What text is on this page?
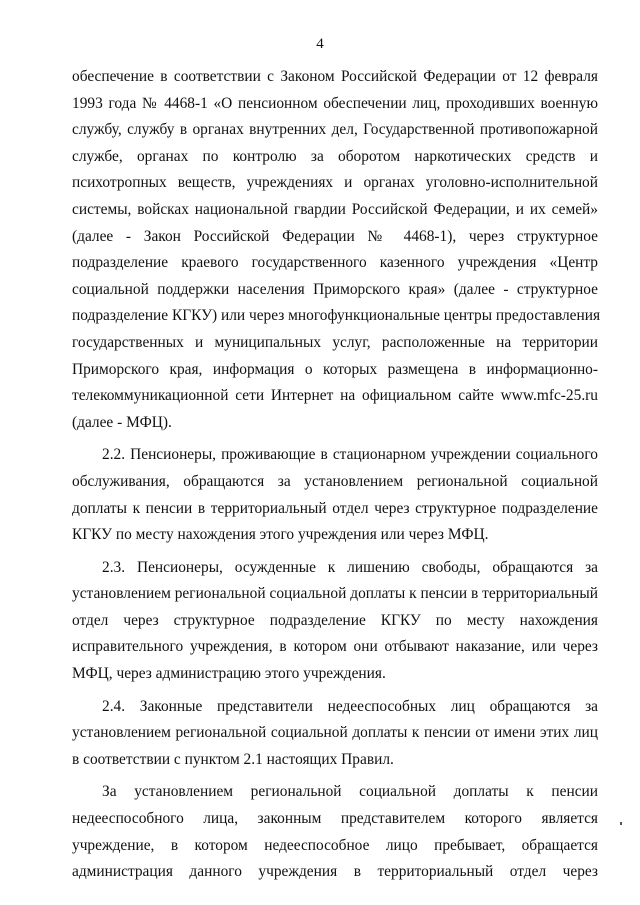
4
обеспечение в соответствии с Законом Российской Федерации от 12 февраля
1993 года № 4468-1 «О пенсионном обеспечении лиц, проходивших военную
службу, службу в органах внутренних дел, Государственной противопожарной
службе, органах по контролю за оборотом наркотических средств и
психотропных веществ, учреждениях и органах уголовно-исполнительной
системы, войсках национальной гвардии Российской Федерации, и их семей»
(далее - Закон Российской Федерации № 4468-1), через структурное
подразделение краевого государственного казенного учреждения «Центр
социальной поддержки населения Приморского края» (далее - структурное
подразделение КГКУ) или через многофункциональные центры предоставления
государственных и муниципальных услуг, расположенные на территории
Приморского края, информация о которых размещена в информационно-
телекоммуникационной сети Интернет на официальном сайте www.mfc-25.ru
(далее - МФЦ).
2.2. Пенсионеры, проживающие в стационарном учреждении социального
обслуживания, обращаются за установлением региональной социальной
доплаты к пенсии в территориальный отдел через структурное подразделение
КГКУ по месту нахождения этого учреждения или через МФЦ.
2.3. Пенсионеры, осужденные к лишению свободы, обращаются за
установлением региональной социальной доплаты к пенсии в территориальный
отдел через структурное подразделение КГКУ по месту нахождения
исправительного учреждения, в котором они отбывают наказание, или через
МФЦ, через администрацию этого учреждения.
2.4. Законные представители недееспособных лиц обращаются за
установлением региональной социальной доплаты к пенсии от имени этих лиц
в соответствии с пунктом 2.1 настоящих Правил.
За установлением региональной социальной доплаты к пенсии
недееспособного лица, законным представителем которого является
учреждение, в котором недееспособное лицо пребывает, обращается
администрация данного учреждения в территориальный отдел через
